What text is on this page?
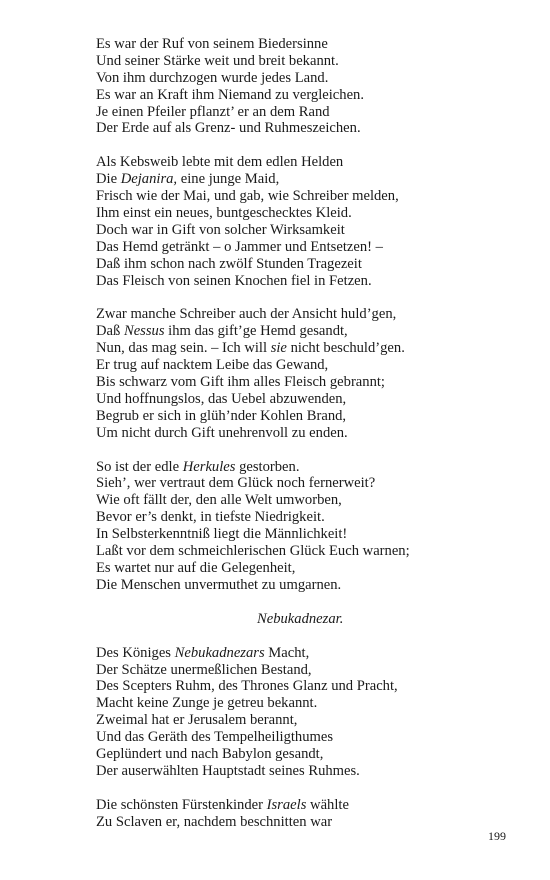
Es war der Ruf von seinem Biedersinne
Und seiner Stärke weit und breit bekannt.
Von ihm durchzogen wurde jedes Land.
Es war an Kraft ihm Niemand zu vergleichen.
Je einen Pfeiler pflanzt’ er an dem Rand
Der Erde auf als Grenz- und Ruhmeszeichen.
Als Kebsweib lebte mit dem edlen Helden
Die Dejanira, eine junge Maid,
Frisch wie der Mai, und gab, wie Schreiber melden,
Ihm einst ein neues, buntgeschecktes Kleid.
Doch war in Gift von solcher Wirksamkeit
Das Hemd getränkt – o Jammer und Entsetzen! –
Daß ihm schon nach zwölf Stunden Tragezeit
Das Fleisch von seinen Knochen fiel in Fetzen.
Zwar manche Schreiber auch der Ansicht huld’gen,
Daß Nessus ihm das gift’ge Hemd gesandt,
Nun, das mag sein. – Ich will sie nicht beschuld’gen.
Er trug auf nacktem Leibe das Gewand,
Bis schwarz vom Gift ihm alles Fleisch gebrannt;
Und hoffnungslos, das Uebel abzuwenden,
Begrub er sich in glüh’nder Kohlen Brand,
Um nicht durch Gift unehrenvoll zu enden.
So ist der edle Herkules gestorben.
Sieh’, wer vertraut dem Glück noch fernerweit?
Wie oft fällt der, den alle Welt umworben,
Bevor er’s denkt, in tiefste Niedrigkeit.
In Selbsterkenntniß liegt die Männlichkeit!
Laßt vor dem schmeichlerischen Glück Euch warnen;
Es wartet nur auf die Gelegenheit,
Die Menschen unvermuthet zu umgarnen.
Nebukadnezar.
Des Königes Nebukadnezars Macht,
Der Schätze unermeßlichen Bestand,
Des Scepters Ruhm, des Thrones Glanz und Pracht,
Macht keine Zunge je getreu bekannt.
Zweimal hat er Jerusalem berannt,
Und das Geräth des Tempelheiligthumes
Geplündert und nach Babylon gesandt,
Der auserwählten Hauptstadt seines Ruhmes.
Die schönsten Fürstenkinder Israels wählte
Zu Sclaven er, nachdem beschnitten war
199
